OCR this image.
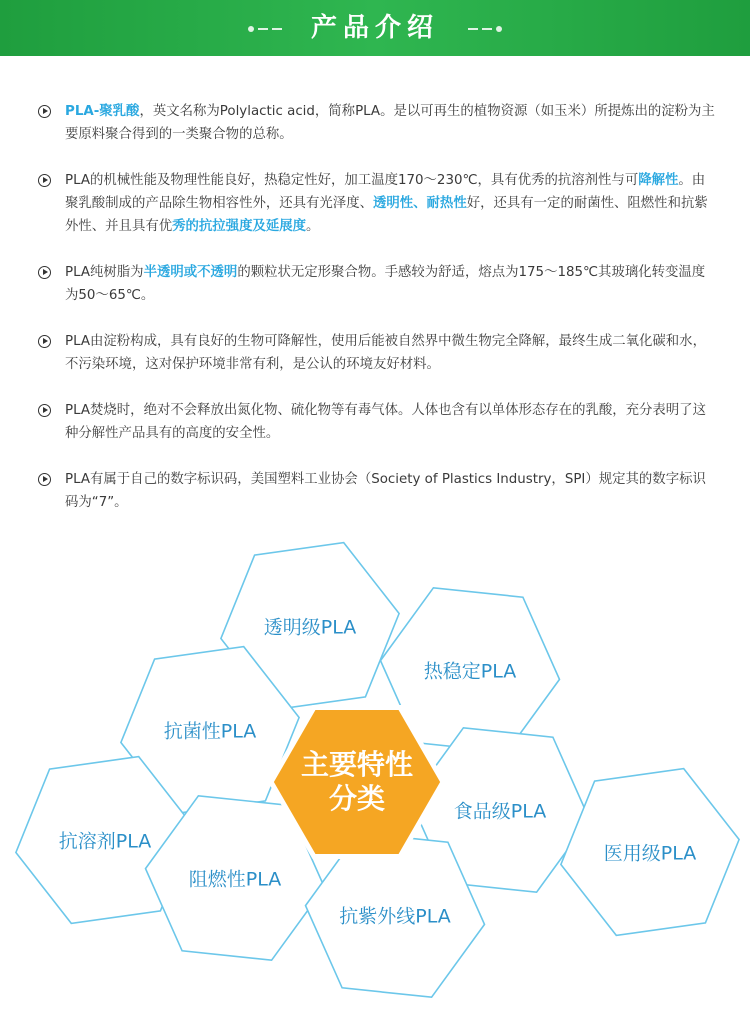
产品介绍
PLA-聚乳酸，英文名称为Polylactic acid，简称PLA。是以可再生的植物资源（如玉米）所提炼出的淀粉为主要原料聚合得到的一类聚合物的总称。
PLA的机械性能及物理性能良好，热稳定性好，加工温度170～230℃，具有优秀的抗溶剂性与可降解性。由聚乳酸制成的产品除生物相容性外，还具有光泽度、透明性、耐热性好，还具有一定的耐菌性、阻燃性和抗紫外性、并且具有优秀的抗拉强度及延展度。
PLA纯树脂为半透明或不透明的颗粒状无定形聚合物。手感较为舒适，熔点为175～185℃其玻璃化转变温度为50～65℃。
PLA由淀粉构成，具有良好的生物可降解性，使用后能被自然界中微生物完全降解，最终生成二氧化碳和水，不污染环境，这对保护环境非常有利，是公认的环境友好材料。
PLA焚烧时，绝对不会释放出氮化物、硫化物等有毒气体。人体也含有以单体形态存在的乳酸，充分表明了这种分解性产品具有的高度的安全性。
PLA有属于自己的数字标识码，美国塑料工业协会（Society of Plastics Industry，SPI）规定其的数字标识码为“7”。
透明级PLA
热稳定PLA
抗菌性PLA
食品级PLA
抗溶剂PLA
阻燃性PLA
医用级PLA
抗紫外线PLA
主要特性分类
